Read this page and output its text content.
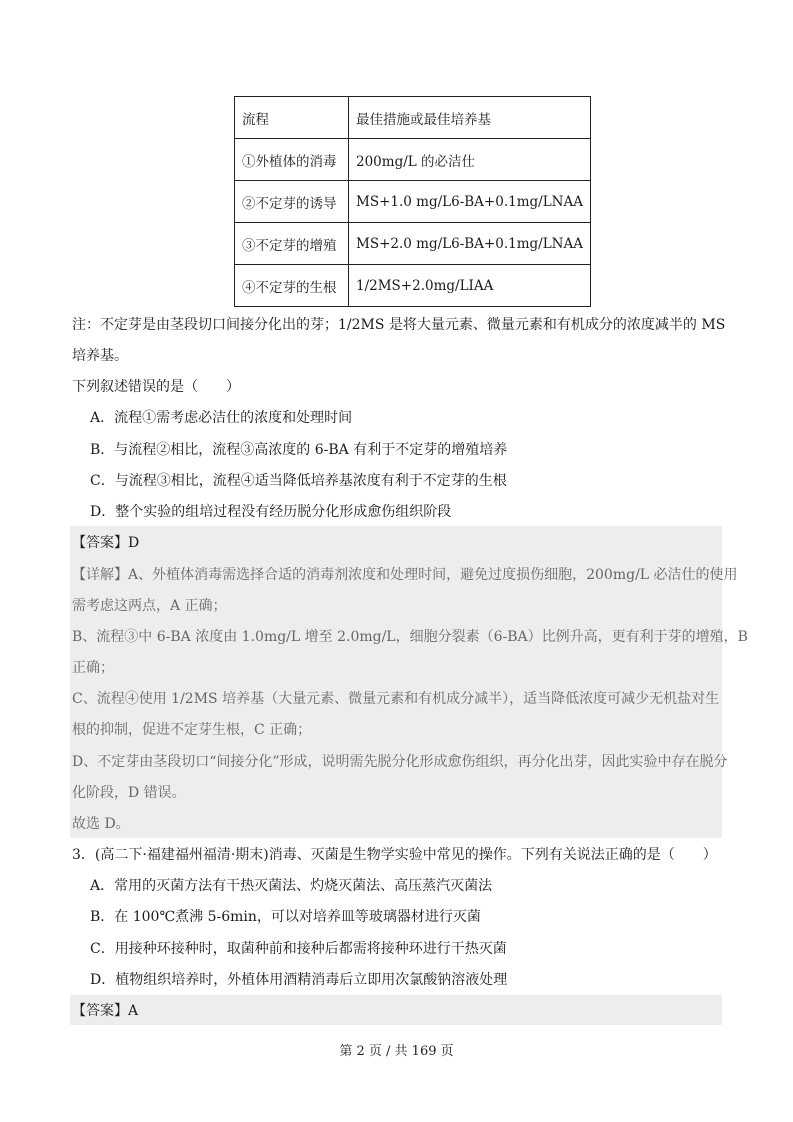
流程	最佳措施或最佳培养基
①外植体的消毒	200mg/L 的必洁仕
②不定芽的诱导	MS+1.0 mg/L6-BA+0.1mg/LNAA
③不定芽的增殖	MS+2.0 mg/L6-BA+0.1mg/LNAA
④不定芽的生根	1/2MS+2.0mg/LIAA
注：不定芽是由茎段切口间接分化出的芽；1/2MS 是将大量元素、微量元素和有机成分的浓度减半的 MS
培养基。
下列叙述错误的是（　　）
A．流程①需考虑必洁仕的浓度和处理时间
B．与流程②相比，流程③高浓度的 6-BA 有利于不定芽的增殖培养
C．与流程③相比，流程④适当降低培养基浓度有利于不定芽的生根
D．整个实验的组培过程没有经历脱分化形成愈伤组织阶段
【答案】D
【详解】A、外植体消毒需选择合适的消毒剂浓度和处理时间，避免过度损伤细胞，200mg/L 必洁仕的使用
需考虑这两点，A 正确；
B、流程③中 6-BA 浓度由 1.0mg/L 增至 2.0mg/L，细胞分裂素（6-BA）比例升高，更有利于芽的增殖，B
正确；
C、流程④使用 1/2MS 培养基（大量元素、微量元素和有机成分减半），适当降低浓度可减少无机盐对生
根的抑制，促进不定芽生根，C 正确；
D、不定芽由茎段切口“间接分化”形成，说明需先脱分化形成愈伤组织，再分化出芽，因此实验中存在脱分
化阶段，D 错误。
故选 D。
3．(高二下·福建福州福清·期末)消毒、灭菌是生物学实验中常见的操作。下列有关说法正确的是（　　）
A．常用的灭菌方法有干热灭菌法、灼烧灭菌法、高压蒸汽灭菌法
B．在 100℃煮沸 5-6min，可以对培养皿等玻璃器材进行灭菌
C．用接种环接种时，取菌种前和接种后都需将接种环进行干热灭菌
D．植物组织培养时，外植体用酒精消毒后立即用次氯酸钠溶液处理
【答案】A
第 2 页 / 共 169 页
